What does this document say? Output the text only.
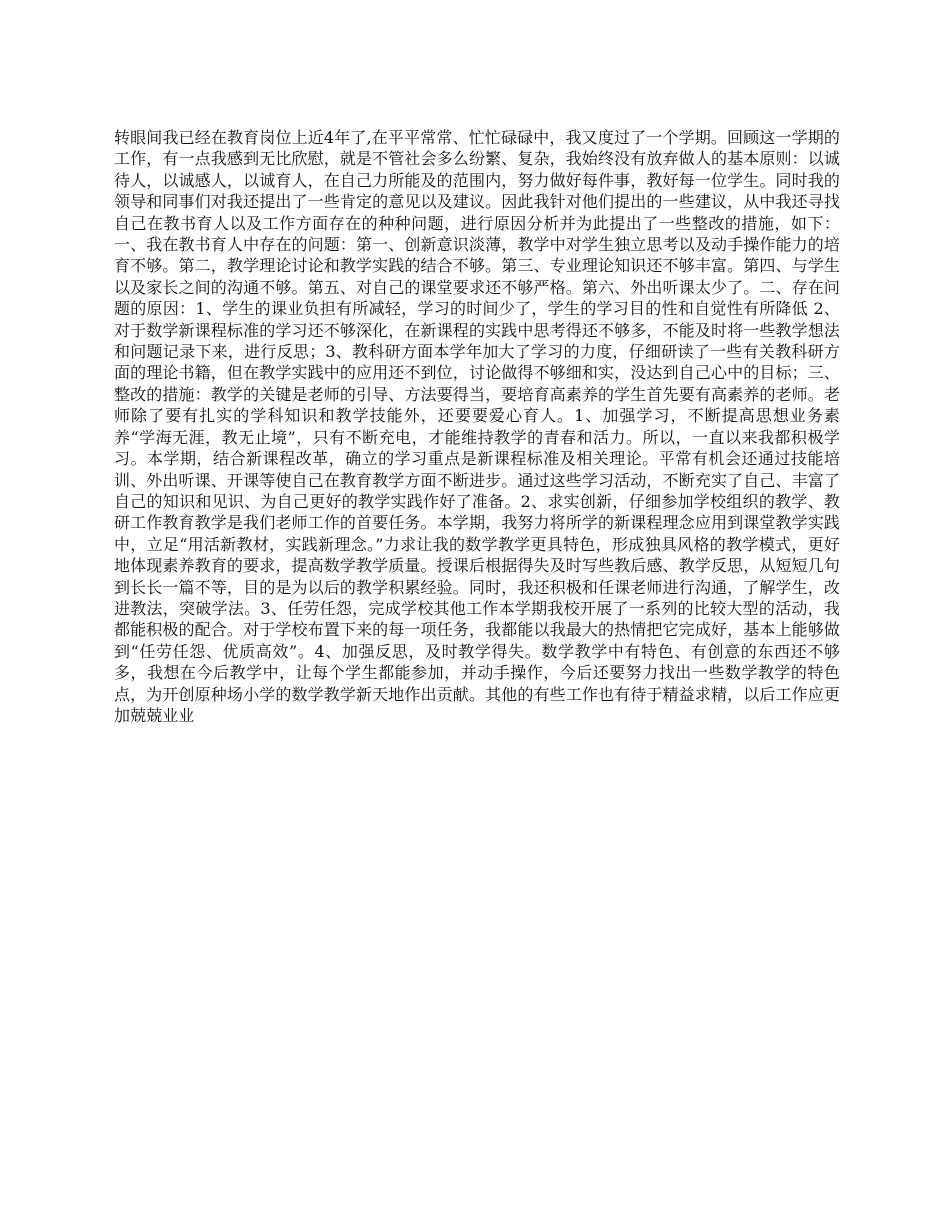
转眼间我已经在教育岗位上近4年了,在平平常常、忙忙碌碌中，我又度过了一个学期。回顾这一学期的工作，有一点我感到无比欣慰，就是不管社会多么纷繁、复杂，我始终没有放弃做人的基本原则：以诚待人，以诚感人，以诚育人，在自己力所能及的范围内，努力做好每件事，教好每一位学生。同时我的领导和同事们对我还提出了一些肯定的意见以及建议。因此我针对他们提出的一些建议，从中我还寻找自己在教书育人以及工作方面存在的种种问题，进行原因分析并为此提出了一些整改的措施，如下：一、我在教书育人中存在的问题：第一、创新意识淡薄，教学中对学生独立思考以及动手操作能力的培育不够。第二，教学理论讨论和教学实践的结合不够。第三、专业理论知识还不够丰富。第四、与学生以及家长之间的沟通不够。第五、对自己的课堂要求还不够严格。第六、外出听课太少了。二、存在问题的原因：1、学生的课业负担有所减轻，学习的时间少了，学生的学习目的性和自觉性有所降低 2、对于数学新课程标准的学习还不够深化，在新课程的实践中思考得还不够多，不能及时将一些教学想法和问题记录下来，进行反思；3、教科研方面本学年加大了学习的力度，仔细研读了一些有关教科研方面的理论书籍，但在教学实践中的应用还不到位，讨论做得不够细和实，没达到自己心中的目标；三、整改的措施：教学的关键是老师的引导、方法要得当，要培育高素养的学生首先要有高素养的老师。老师除了要有扎实的学科知识和教学技能外，还要要爱心育人。1、加强学习，不断提高思想业务素养“学海无涯，教无止境”，只有不断充电，才能维持教学的青春和活力。所以，一直以来我都积极学习。本学期，结合新课程改革，确立的学习重点是新课程标准及相关理论。平常有机会还通过技能培训、外出听课、开课等使自己在教育教学方面不断进步。通过这些学习活动，不断充实了自己、丰富了自己的知识和见识、为自己更好的教学实践作好了准备。2、求实创新，仔细参加学校组织的教学、教研工作教育教学是我们老师工作的首要任务。本学期，我努力将所学的新课程理念应用到课堂教学实践中，立足“用活新教材，实践新理念。”力求让我的数学教学更具特色，形成独具风格的教学模式，更好地体现素养教育的要求，提高数学教学质量。授课后根据得失及时写些教后感、教学反思，从短短几句到长长一篇不等，目的是为以后的教学积累经验。同时，我还积极和任课老师进行沟通，了解学生，改进教法，突破学法。3、任劳任怨，完成学校其他工作本学期我校开展了一系列的比较大型的活动，我都能积极的配合。对于学校布置下来的每一项任务，我都能以我最大的热情把它完成好，基本上能够做到“任劳任怨、优质高效”。4、加强反思，及时教学得失。数学教学中有特色、有创意的东西还不够多，我想在今后教学中，让每个学生都能参加，并动手操作，今后还要努力找出一些数学教学的特色点，为开创原种场小学的数学教学新天地作出贡献。其他的有些工作也有待于精益求精，以后工作应更加兢兢业业
